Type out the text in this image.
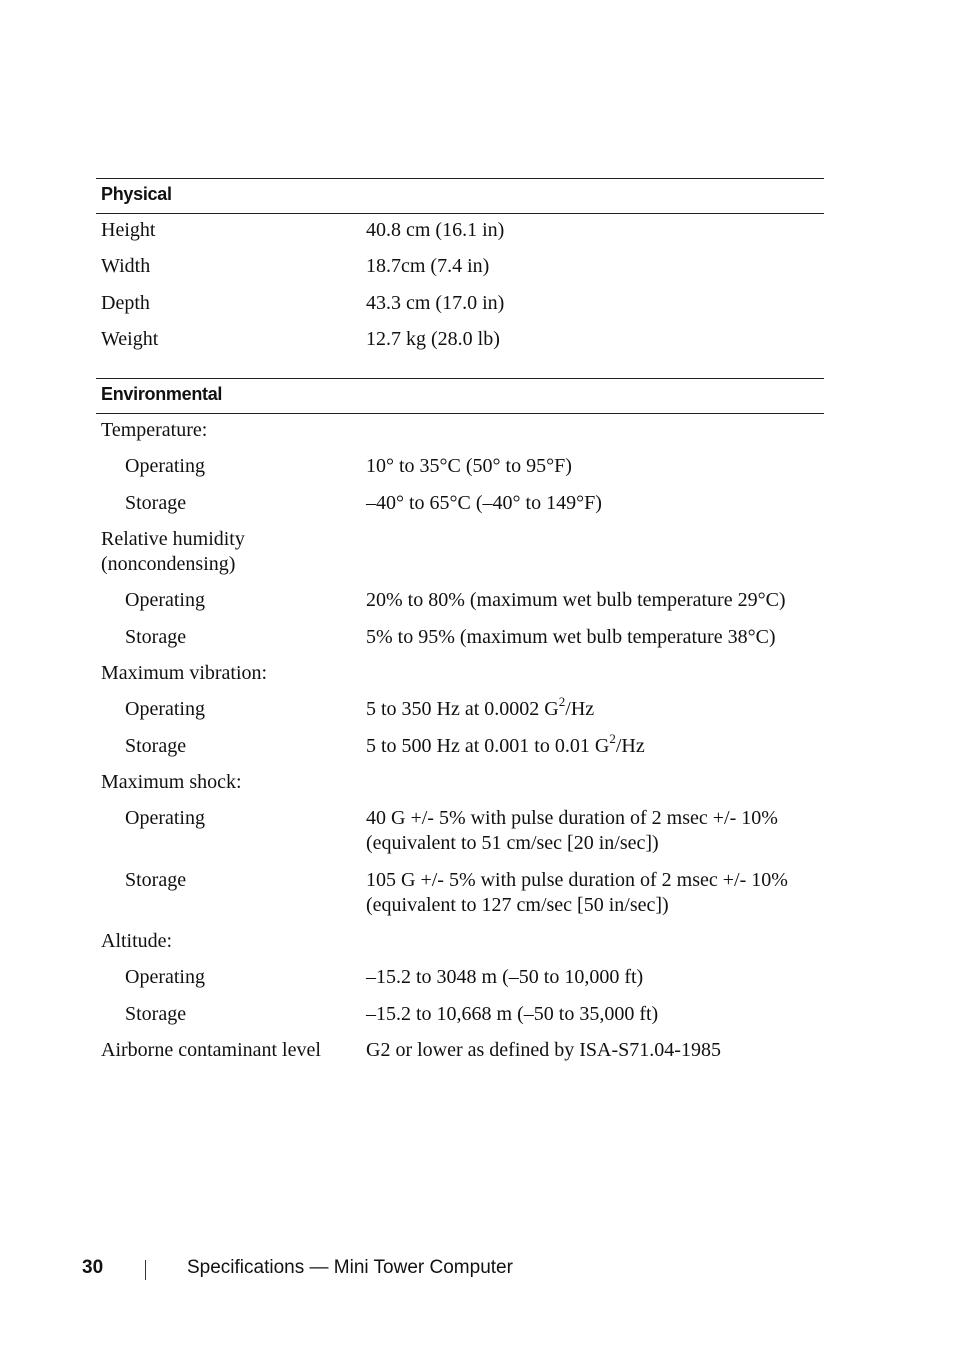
Physical
Height	40.8 cm (16.1 in)
Width	18.7cm (7.4 in)
Depth	43.3 cm (17.0 in)
Weight	12.7 kg (28.0 lb)
Environmental
Temperature:
Operating	10° to 35°C (50° to 95°F)
Storage	–40° to 65°C (–40° to 149°F)
Relative humidity
(noncondensing)
Operating	20% to 80% (maximum wet bulb temperature 29°C)
Storage	5% to 95% (maximum wet bulb temperature 38°C)
Maximum vibration:
Operating	5 to 350 Hz at 0.0002 $G^2/Hz$
Storage	5 to 500 Hz at 0.001 to 0.01 $G^2/Hz$
Maximum shock:
Operating	40 G +/- 5% with pulse duration of 2 msec +/- 10%
(equivalent to 51 cm/sec [20 in/sec])
Storage	105 G +/- 5% with pulse duration of 2 msec +/- 10%
(equivalent to 127 cm/sec [50 in/sec])
Altitude:
Operating	–15.2 to 3048 m (–50 to 10,000 ft)
Storage	–15.2 to 10,668 m (–50 to 35,000 ft)
Airborne contaminant level	G2 or lower as defined by ISA-S71.04-1985
30	Specifications — Mini Tower Computer
